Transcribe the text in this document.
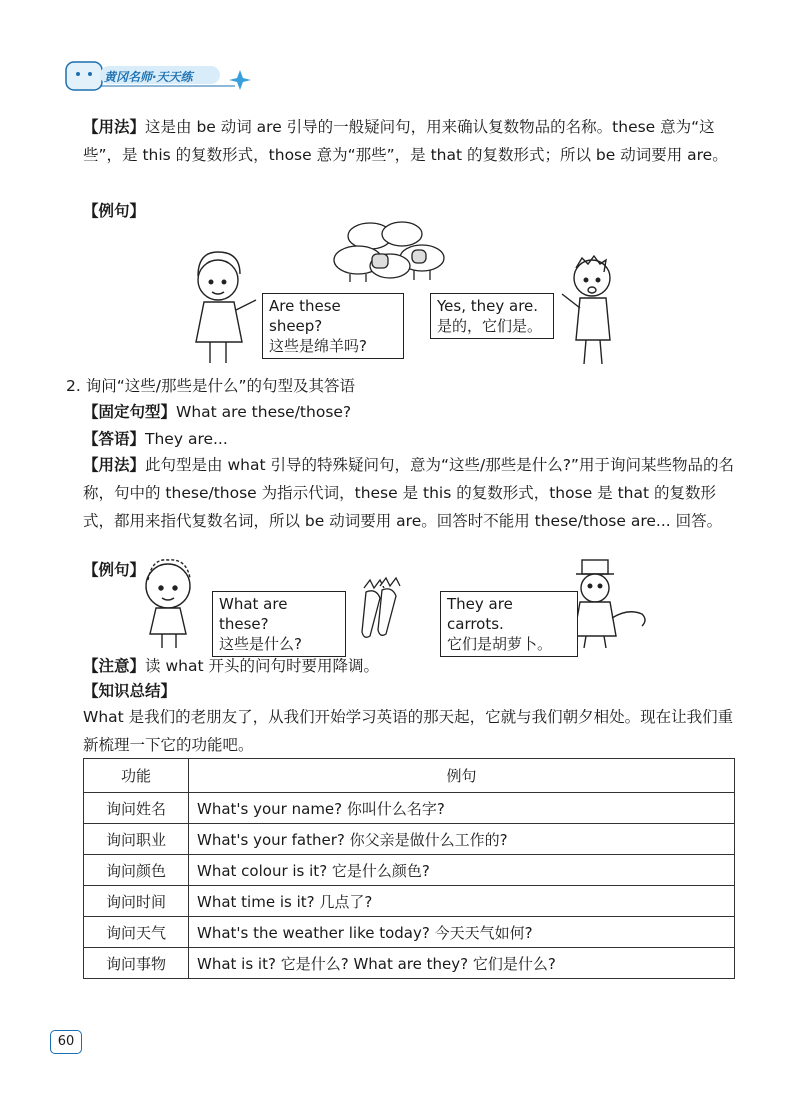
黄冈名师·天天练
【用法】这是由 be 动词 are 引导的一般疑问句，用来确认复数物品的名称。these 意为“这些”，是 this 的复数形式，those 意为“那些”，是 that 的复数形式；所以 be 动词要用 are。
【例句】
Are these sheep?
这些是绵羊吗?
Yes, they are.
是的，它们是。
2. 询问“这些/那些是什么”的句型及其答语
【固定句型】What are these/those?
【答语】They are...
【用法】此句型是由 what 引导的特殊疑问句，意为“这些/那些是什么?”用于询问某些物品的名称，句中的 these/those 为指示代词，these 是 this 的复数形式，those 是 that 的复数形式，都用来指代复数名词，所以 be 动词要用 are。回答时不能用 these/those are... 回答。
【例句】
What are these?
这些是什么?
They are carrots.
它们是胡萝卜。
【注意】读 what 开头的问句时要用降调。
【知识总结】
What 是我们的老朋友了，从我们开始学习英语的那天起，它就与我们朝夕相处。现在让我们重新梳理一下它的功能吧。
功能	例句
询问姓名	What's your name? 你叫什么名字?
询问职业	What's your father? 你父亲是做什么工作的?
询问颜色	What colour is it? 它是什么颜色?
询问时间	What time is it? 几点了?
询问天气	What's the weather like today? 今天天气如何?
询问事物	What is it? 它是什么? What are they? 它们是什么?
60
